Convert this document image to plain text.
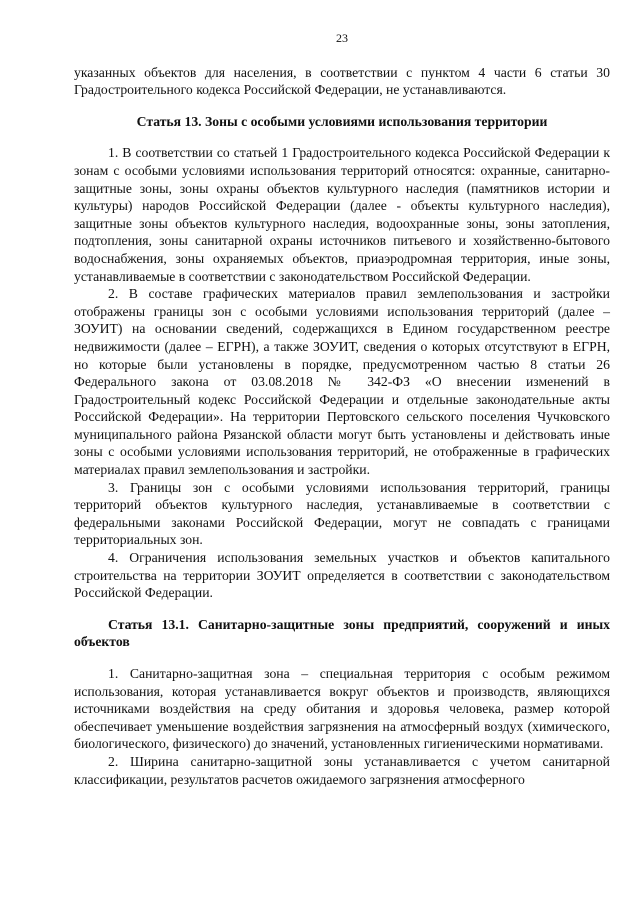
23

указанных объектов для населения, в соответствии с пунктом 4 части 6 статьи 30 Градостроительного кодекса Российской Федерации, не устанавливаются.

Статья 13. Зоны с особыми условиями использования территории

1. В соответствии со статьей 1 Градостроительного кодекса Российской Федерации к зонам с особыми условиями использования территорий относятся: охранные, санитарно-защитные зоны, зоны охраны объектов культурного наследия (памятников истории и культуры) народов Российской Федерации (далее - объекты культурного наследия), защитные зоны объектов культурного наследия, водоохранные зоны, зоны затопления, подтопления, зоны санитарной охраны источников питьевого и хозяйственно-бытового водоснабжения, зоны охраняемых объектов, приаэродромная территория, иные зоны, устанавливаемые в соответствии с законодательством Российской Федерации.

2. В составе графических материалов правил землепользования и застройки отображены границы зон с особыми условиями использования территорий (далее – ЗОУИТ) на основании сведений, содержащихся в Едином государственном реестре недвижимости (далее – ЕГРН), а также ЗОУИТ, сведения о которых отсутствуют в ЕГРН, но которые были установлены в порядке, предусмотренном частью 8 статьи 26 Федерального закона от 03.08.2018 № 342-ФЗ «О внесении изменений в Градостроительный кодекс Российской Федерации и отдельные законодательные акты Российской Федерации». На территории Пертовского сельского поселения Чучковского муниципального района Рязанской области могут быть установлены и действовать иные зоны с особыми условиями использования территорий, не отображенные в графических материалах правил землепользования и застройки.

3. Границы зон с особыми условиями использования территорий, границы территорий объектов культурного наследия, устанавливаемые в соответствии с федеральными законами Российской Федерации, могут не совпадать с границами территориальных зон.

4. Ограничения использования земельных участков и объектов капитального строительства на территории ЗОУИТ определяется в соответствии с законодательством Российской Федерации.

Статья 13.1. Санитарно-защитные зоны предприятий, сооружений и иных объектов

1. Санитарно-защитная зона – специальная территория с особым режимом использования, которая устанавливается вокруг объектов и производств, являющихся источниками воздействия на среду обитания и здоровья человека, размер которой обеспечивает уменьшение воздействия загрязнения на атмосферный воздух (химического, биологического, физического) до значений, установленных гигиеническими нормативами.

2. Ширина санитарно-защитной зоны устанавливается с учетом санитарной классификации, результатов расчетов ожидаемого загрязнения атмосферного
